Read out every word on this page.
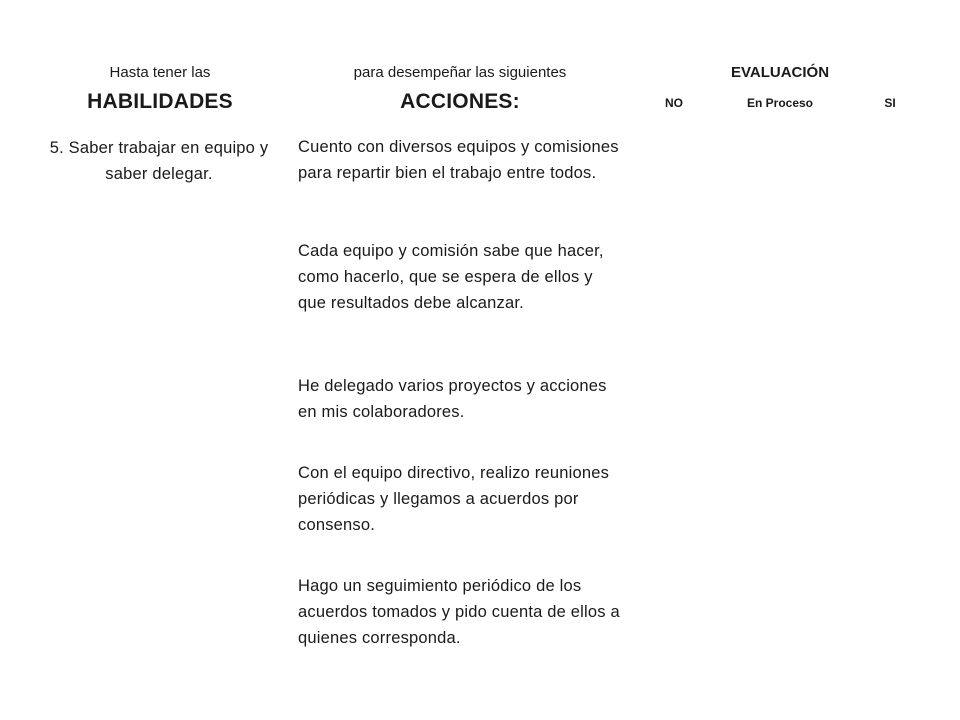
Hasta tener las
HABILIDADES
para desempeñar las siguientes
ACCIONES:
EVALUACIÓN
NO	En Proceso	SI
5. Saber trabajar en equipo y saber delegar.
Cuento con diversos equipos y comisiones para repartir bien el trabajo entre todos.
Cada equipo y comisión sabe que hacer, como hacerlo, que se espera de ellos y que resultados debe alcanzar.
He delegado varios proyectos y acciones en mis colaboradores.
Con el equipo directivo, realizo reuniones periódicas y llegamos a acuerdos por consenso.
Hago un seguimiento periódico de los acuerdos tomados y pido cuenta de ellos a quienes corresponda.
